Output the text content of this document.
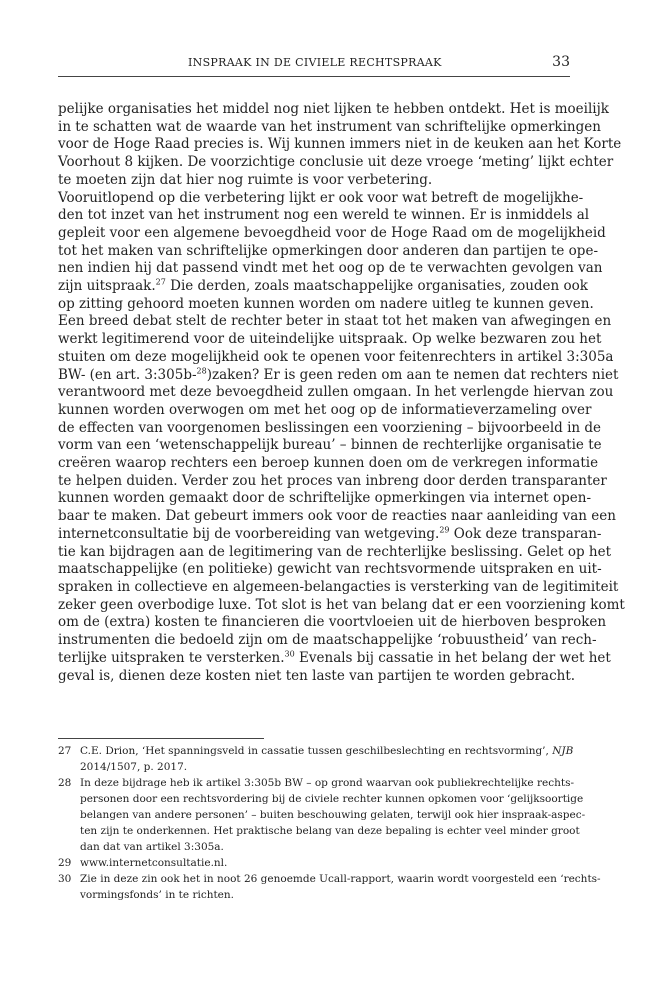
INSPRAAK IN DE CIVIELE RECHTSPRAAK	33
pelijke organisaties het middel nog niet lijken te hebben ontdekt. Het is moeilijk
in te schatten wat de waarde van het instrument van schriftelijke opmerkingen
voor de Hoge Raad precies is. Wij kunnen immers niet in de keuken aan het Korte
Voorhout 8 kijken. De voorzichtige conclusie uit deze vroege ‘meting’ lijkt echter
te moeten zijn dat hier nog ruimte is voor verbetering.
Vooruitlopend op die verbetering lijkt er ook voor wat betreft de mogelijkhe-
den tot inzet van het instrument nog een wereld te winnen. Er is inmiddels al
gepleit voor een algemene bevoegdheid voor de Hoge Raad om de mogelijkheid
tot het maken van schriftelijke opmerkingen door anderen dan partijen te ope-
nen indien hij dat passend vindt met het oog op de te verwachten gevolgen van
zijn uitspraak.$^{27}$ Die derden, zoals maatschappelijke organisaties, zouden ook
op zitting gehoord moeten kunnen worden om nadere uitleg te kunnen geven.
Een breed debat stelt de rechter beter in staat tot het maken van afwegingen en
werkt legitimerend voor de uiteindelijke uitspraak. Op welke bezwaren zou het
stuiten om deze mogelijkheid ook te openen voor feitenrechters in artikel 3:305a
BW- (en art. 3:305b-$^{28}$)zaken? Er is geen reden om aan te nemen dat rechters niet
verantwoord met deze bevoegdheid zullen omgaan. In het verlengde hiervan zou
kunnen worden overwogen om met het oog op de informatieverzameling over
de effecten van voorgenomen beslissingen een voorziening – bijvoorbeeld in de
vorm van een ‘wetenschappelijk bureau’ – binnen de rechterlijke organisatie te
creëren waarop rechters een beroep kunnen doen om de verkregen informatie
te helpen duiden. Verder zou het proces van inbreng door derden transparanter
kunnen worden gemaakt door de schriftelijke opmerkingen via internet open-
baar te maken. Dat gebeurt immers ook voor de reacties naar aanleiding van een
internetconsultatie bij de voorbereiding van wetgeving.$^{29}$ Ook deze transparan-
tie kan bijdragen aan de legitimering van de rechterlijke beslissing. Gelet op het
maatschappelijke (en politieke) gewicht van rechtsvormende uitspraken en uit-
spraken in collectieve en algemeen-belangacties is versterking van de legitimiteit
zeker geen overbodige luxe. Tot slot is het van belang dat er een voorziening komt
om de (extra) kosten te financieren die voortvloeien uit de hierboven besproken
instrumenten die bedoeld zijn om de maatschappelijke ‘robuustheid’ van rech-
terlijke uitspraken te versterken.$^{30}$ Evenals bij cassatie in het belang der wet het
geval is, dienen deze kosten niet ten laste van partijen te worden gebracht.
27 C.E. Drion, ‘Het spanningsveld in cassatie tussen geschilbeslechting en rechtsvorming’, NJB
2014/1507, p. 2017.
28 In deze bijdrage heb ik artikel 3:305b BW – op grond waarvan ook publiekrechtelijke rechts-
personen door een rechtsvordering bij de civiele rechter kunnen opkomen voor ‘gelijksoortige
belangen van andere personen’ – buiten beschouwing gelaten, terwijl ook hier inspraak-aspec-
ten zijn te onderkennen. Het praktische belang van deze bepaling is echter veel minder groot
dan dat van artikel 3:305a.
29 www.internetconsultatie.nl.
30 Zie in deze zin ook het in noot 26 genoemde Ucall-rapport, waarin wordt voorgesteld een ‘rechts-
vormingsfonds’ in te richten.
